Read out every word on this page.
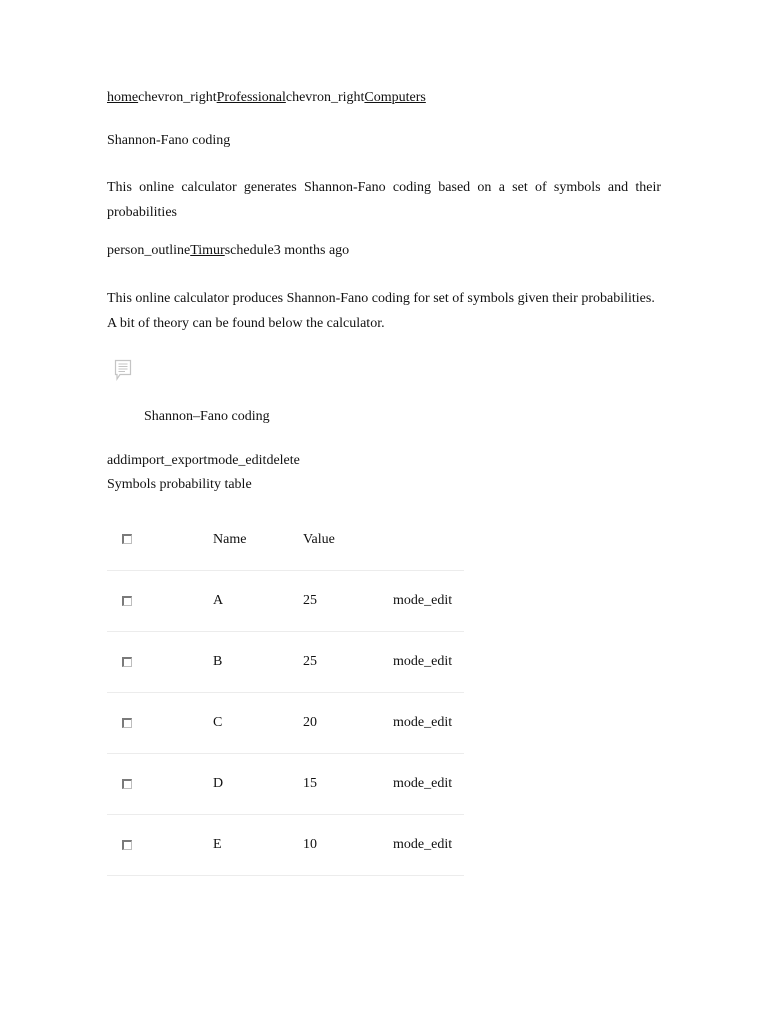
homechevron_rightProfessionalchevron_rightComputers
Shannon-Fano coding

This online calculator generates Shannon-Fano coding based on a set of symbols and their probabilities

person_outlineTimurschedule3 months ago

This online calculator produces Shannon-Fano coding for set of symbols given their probabilities. A bit of theory can be found below the calculator.

Shannon–Fano coding
addimport_exportmode_editdelete
Symbols probability table
	Name	Value	
	A	25	mode_edit
	B	25	mode_edit
	C	20	mode_edit
	D	15	mode_edit
	E	10	mode_edit
